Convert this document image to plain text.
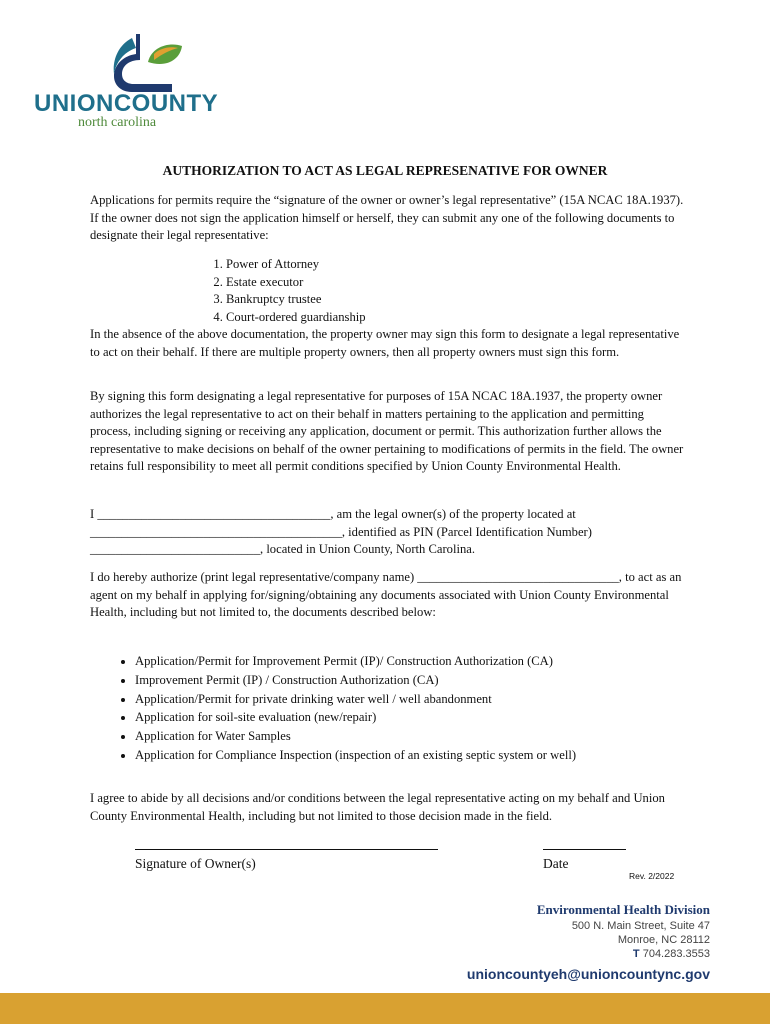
UNIONCOUNTY
north carolina
AUTHORIZATION TO ACT AS LEGAL REPRESENATIVE FOR OWNER

Applications for permits require the “signature of the owner or owner’s legal representative” (15A NCAC 18A.1937). If the owner does not sign the application himself or herself, they can submit any one of the following documents to designate their legal representative:

1. Power of Attorney
2. Estate executor
3. Bankruptcy trustee
4. Court-ordered guardianship

In the absence of the above documentation, the property owner may sign this form to designate a legal representative to act on their behalf. If there are multiple property owners, then all property owners must sign this form.

By signing this form designating a legal representative for purposes of 15A NCAC 18A.1937, the property owner authorizes the legal representative to act on their behalf in matters pertaining to the application and permitting process, including signing or receiving any application, document or permit. This authorization further allows the representative to make decisions on behalf of the owner pertaining to modifications of permits in the field. The owner retains full responsibility to meet all permit conditions specified by Union County Environmental Health.

I _____________________________________, am the legal owner(s) of the property located at ________________________________________, identified as PIN (Parcel Identification Number) ___________________________, located in Union County, North Carolina.

I do hereby authorize (print legal representative/company name) ________________________________, to act as an agent on my behalf in applying for/signing/obtaining any documents associated with Union County Environmental Health, including but not limited to, the documents described below:

• Application/Permit for Improvement Permit (IP)/ Construction Authorization (CA)
• Improvement Permit (IP) / Construction Authorization (CA)
• Application/Permit for private drinking water well / well abandonment
• Application for soil-site evaluation (new/repair)
• Application for Water Samples
• Application for Compliance Inspection (inspection of an existing septic system or well)

I agree to abide by all decisions and/or conditions between the legal representative acting on my behalf and Union County Environmental Health, including but not limited to those decision made in the field.

Signature of Owner(s)	Date
Rev. 2/2022
Environmental Health Division
500 N. Main Street, Suite 47
Monroe, NC 28112
T 704.283.3553
unioncountyeh@unioncountync.gov
